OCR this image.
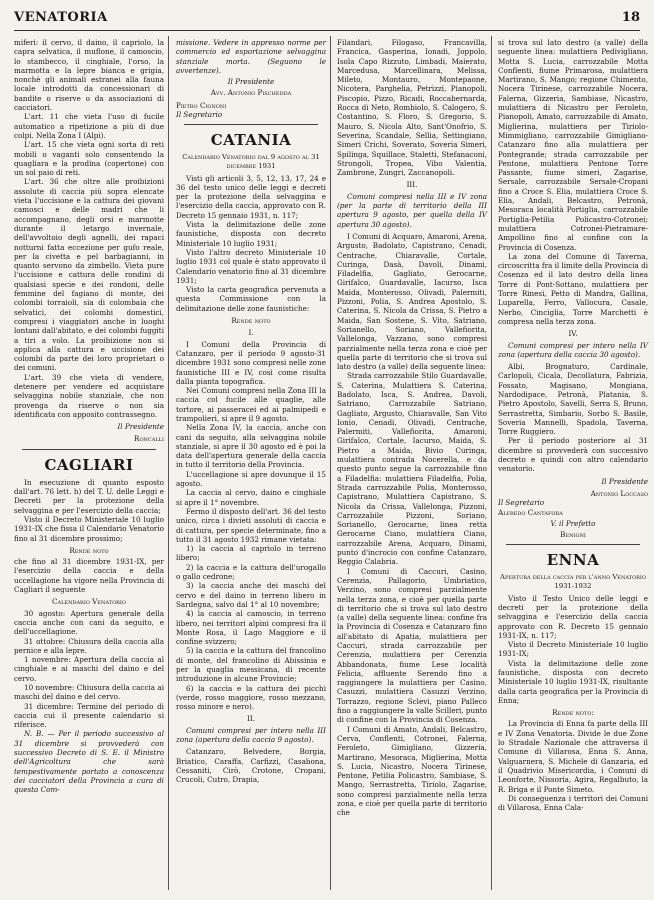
VENATORIA	18

miferi: il cervo, il daino, il capriolo, la capra selvatica, il muflone, il camoscio, lo stambecco, il cinghiale, l'orso, la marmotta e la lepre bianca e grigia, nonchè gli animali estranei alla fauna locale introdotti da concessionari di bandite o riserve o da associazioni di cacciatori.

L'art. 11 che vieta l'uso di fucile automatico a ripetizione a più di due colpi. Nella Zona I (Alpi).

L'art. 15 che vieta ogni sorta di reti mobili o vaganti solo consentendo la quagliara e la prodina (copertone) con un sol paio di reti.

L'art. 36 che oltre alle proibizioni assolute di caccia più sopra elencate vieta l'uccisione e la cattura dei giovani camosci e delle madri che li accompagnano, degli orsi e marmotte durante il letargo invernale, dell'avvoltoio degli agnelli, dei rapaci notturni fatta eccezione per gufo reale, per la civetta e pel barbagianni, in quanto servono da zimbello. Vieta pure l'uccisione e cattura delle rondini di qualsiasi specie e dei rondoni, delle femmine del fagiano di monte, dei colombi torraioli, sia di colombaia che selvatici, dei colombi domestici, compresi i viaggiatori anche in luoghi lontani dall'abitato, e dei colombi fuggiti a tiri a volo. La proibizione non si applica alla cattura e uccisione dei colombi da parte dei loro proprietari o dei comuni.

L'art. 39 che vieta di vendere, detenere per vendere ed acquistare selvaggina nobile stanziale, che non provenga da riserve o non sia identificata con apposito contrassegno.

Il Presidente
Roncalli
CAGLIARI

In esecuzione di quanto esposto dall'art. 76 lett. h) del T. U. delle Leggi e Decreti per la protezione della selvaggina e per l'esercizio della caccia;

Visto il Decreto Ministeriale 10 luglio 1931-IX che fissa il Calendario Venatorio fino al 31 dicembre prossimo;

Rende noto

che fino al 31 dicembre 1931-IX, per l'esercizio della caccia e della uccellagione ha vigore nella Provincia di Cagliari il seguente

Calendario Venatorio

30 agosto: Apertura generale della caccia anche con cani da seguito, e dell'uccellagione.

31 ottobre: Chiusura della caccia alla pernice e alla lepre.

1 novembre: Apertura della caccia al cinghiale e ai maschi del daino e del cervo.

10 novembre: Chiusura della caccia ai maschi del daino e del cervo.

31 dicembre: Termine del periodo di caccia cui il presente calendario si riferisce.

N. B. — Per il periodo successivo al 31 dicembre si provvederà con successivo Decreto di S. E. il Ministro dell'Agricoltura che sarà tempestivamente portato a conoscenza dei cacciatori della Provincia a cura di questa Com-

missione. Vedere in appresso norme per commercio ed esportazione selvaggina stanziale morta. (Seguono le avvertenze).

Il Presidente
Avv. Antonio Pischedda
Pietro Cignoni
Il Segretario
CATANIA
Calendario Venatorio dal 9 agosto al 31 dicembre 1931

Visti gli articoli 3, 5, 12, 13, 17, 24 e 36 del testo unico delle leggi e decreti per la protezione della selvaggina e l'esercizio della caccia, approvato con R. Decreto 15 gennaio 1931, n. 117;

Vista la delimitazione delle zone faunistiche, disposta con decreto Ministeriale 10 luglio 1931;

Visto l'altro decreto Ministeriale 10 luglio 1931 col quale è stato approvato il Calendario venatorio fino al 31 dicembre 1931;

Visto la carta geografica pervenuta a questa Commissione con la delimitazione delle zone faunistiche:

Rende noto

I.

I Comuni della Provincia di Catanzaro, per il periodo 9 agosto-31 dicembre 1931 sono compresi nelle zone faunistiche III e IV, così come risulta dalla pianta topografica.

Nei Comuni compresi nella Zona III la caccia col fucile alle quaglie, alle tortore, ai passeracei ed ai palmipedi e trampolieri, si apre il 9 agosto.

Nella Zona IV, la caccia, anche con cani da seguito, alla selvaggina nobile stanziale, si apre il 30 agosto ed è poi la data dell'apertura generale della caccia in tutto il territorio della Provincia.

L'uccellagione si apre dovunque il 15 agosto.

La caccia al cervo, daino e cinghiale si apre il 1° novembre.

Fermo il disposto dell'art. 36 del testo unico, circa i divieti assoluti di caccia e di cattura, per specie determinate, fino a tutto il 31 agosto 1932 rimane vietata:

1) la caccia al capriolo in terreno libero;

2) la caccia e la cattura dell'urogallo o gallo cedrone;

3) la caccia anche dei maschi del cervo e del daino in terreno libero in Sardegna, salvo dal 1° al 10 novembre;

4) la caccia al camoscio, in terreno libero, nei territori alpini compresi fra il Monte Rosa, il Lago Maggiore e il confine svizzero;

5) la caccia e la cattura del francolino di monte, del francolino di Abissinia e per la quaglia messicana, di recente introduzione in alcune Provincie;

6) la caccia e la cattura dei picchi (verde, rosso maggiore, rosso mezzano, rosso minore e nero).

II.

Comuni compresi per intero nella III zona (apertura della caccia 9 agosto).

Catanzaro, Belvedere, Borgia, Briatico, Caraffa, Carfizzi, Casabona, Cessaniti, Cirò, Crotone, Cropani, Crucoli, Cutro, Drapia,

Filandari, Filogaso, Francavilla, Francica, Gasperina, Ionadi, Joppolo, Isola Capo Rizzuto, Limbadi, Maierato, Marcedusa, Marcellinara, Melissa, Mileto, Montauro, Montepaone, Nicotera, Parghelia, Petrizzi, Pianopoli, Piscopio, Pizzo, Ricadi, Roccabernarda, Rocca di Neto, Rombiolo, S. Calogero, S. Costantino, S. Floro, S. Gregorio, S. Mauro, S. Nicola Alto, Sant'Onofrio, S. Severina, Scandale, Sellia, Settingiano, Simeri Crichi, Soverato, Soveria Simeri, Spilinga, Squillace, Staletti, Stefanaconi, Strongoli, Tropea, Vibo Valentia, Zambrone, Zungri, Zaccanopoli.

III.

Comuni compresi nella III e IV zona (per la parte di territorio della III apertura 9 agosto, per quella della IV apertura 30 agosto).

I Comuni di Acquaro, Amaroni, Arena, Argusto, Badolato, Capistrano, Cenadi, Centrache, Chiaravalle, Cortale, Curinga, Dasà, Davoli, Dinami, Filadelfia, Gagliato, Gerocarne, Girifalco, Guardavalle, Iacurso, Isca Maida, Monterosso, Olivadi, Palermiti, Pizzoni, Polia, S. Andrea Apostolo, S. Caterina, S. Nicola da Crissa, S. Pietro a Maida, San Sostene, S. Vito, Satriano, Sorianello, Soriano, Vallefiorita, Vallelonga, Vazzano, sono compresi parzialmente nella terza zona e cioè per quella parte di territorio che si trova sul lato destro (a valle) della seguente linea:

Strada carrozzabile Stilo Guardavalle, S. Caterina, Mulattiera S. Caterina, Badolato, Isca, S. Andrea, Davoli, Satriano, Carrozzabile Satriano, Gagliato, Argusto, Chiaravalle, San Vito Ionio, Cenadi, Olivadi, Centrache, Palermiti, Vallefiorita, Amaroni, Girifalco, Cortale, Iacurso, Maida, S. Pietro a Maida, Bivio Curinga, mulattiera contrada Nocerella, e da questo punto segue la carrozzabile fino a Filadelfia: mulattiera Filadelfia, Polia, Strada carrozzabile Polia, Monterosso, Capistrano, Mulattiera Capistrano, S. Nicola da Crissa, Vallelonga, Pizzoni, Carrozzabile Pizzoni, Soriano, Sorianello, Gerocarne, linea retta Gerocarne Ciano, mulattiera Ciano, carrozzabile Arena, Acquaro, Dinami, punto d'incrocio con confine Catanzaro, Reggio Calabria.

I Comuni di Caccuri, Casino, Cerenzia, Pallagorio, Umbriatico, Verzino, sono compresi parzialmente nella terza zona, e cioè per quella parte di territorio che si trova sul lato destro (a valle) della seguente linea: confine fra la Provincia di Cosenza e Catanzaro fino all'abitato di Apatia, mulattiera per Caccuri, strada carrozzabile per Cerenzia, mulattiera per Cerenzia Abbandonata, fiume Lese località Felicia, affluente Serendo fino a raggiungere la mulattiera per Casino, Casuzzi, mulattiera Casuzzi Verzino, Torrazzo, regione Sclevi, piano Palleco fino a raggiungere la valle Scilleri, punto di confine con la Provincia di Cosenza.

I Comuni di Amato, Andali, Belcastro, Cerva, Conflenti, Cotronei, Falerna, Feroleto, Gimigliano, Gizzeria, Martirano, Mesoraca, Miglierina, Motta S. Lucia, Nicastro, Nocera Tirinese, Pentone, Petilia Policastro, Sambiase, S. Mango, Serrastretta, Tiriolo, Zagarise, sono compresi parzialmente nella terza zona, e cioè per quella parte di territorio che

si trova sul lato destro (a valle) della seguente linea: mulattiera Pedivigliano, Motta S. Lucia, carrozzabile Motta Conflenti, fiume Primarosa, mulattiera Martirano, S. Mango; regione Chimento, Nocera Tirinese, carrozzabile Nocera, Falerna, Gizzeria, Sambiase, Nicastro, mulattiera di Nicastro per Feroleto, Pianopoli, Amato, carrozzabile di Amato, Miglierina, mulattiera per Tiriolo-Mimmigliano, carrozzabile Gimigliano-Catanzaro fino alla mulattiera per Pontegrande; strada carrozzabile per Pentone, mulattiera Pentone Torre Passante, fiume simeri, Zagarise, Sersale, carrozzabile Sersale-Cropani fino a Croce S. Elia, mulattiera Croce S. Elia, Andali, Belcastro, Petronà, Mesoraca località Portiglia, carrozzabile Portiglia-Petilia Policastro-Cotronei; mulattiera Cotronei-Pietramare-Ampollino fino al confine con la Provincia di Cosenza.

La zona del Comune di Taverna, circoscritta fra il limite della Provincia di Cosenza ed il lato destro della linea Torre di Pont-Sottano, mulattiera per Torre Rinesi, Petto di Mandra, Gallina, Luparella, Ferro, Vallocura, Casale, Nerbo, Cinciglia, Torre Marchetti è compresa nella terza zona.

IV.

Comuni compresi per intero nella IV zona (apertura della caccia 30 agosto).

Albi, Brognaturo, Cardinale, Carlopoli, Cicala, Decollatura, Fabrizia, Fossato, Magisano, Mongiana, Nardodipace, Petronà, Platania, S. Pietro Apostolo, Savelli, Serra S. Bruno, Serrastretta, Simbario, Sorbo S. Basile, Soveria Mannelli, Spadola, Taverna, Torre Ruggiero.

Per il periodo posteriore al 31 dicembre si provvederà con successivo decreto e quindi con altro calendario venatorio.

Il Presidente
Antonio Loccaso
Il Segretario
Alfredo Cantafora
V. il Prefetto
Benigni
ENNA
Apertura della caccia per l'anno Venatorio 1931-1932

Visto il Testo Unico delle leggi e decreti per la protezione della selvaggina e l'esercizio della caccia approvato con R. Decreto 15 gennaio 1931-IX, n. 117;

Visto il Decreto Ministeriale 10 luglio 1931-IX;

Vista la delimitazione delle zone faunistiche, disposta con decreto Ministeriale 10 luglio 1931-IX, risultante dalla carta geografica per la Provincia di Enna;

Rende noto:

La Provincia di Enna fa parte della III e IV Zona Venatoria. Divide le due Zone lo Stradale Nazionale che attraversa il Comune di Villarosa, Enna S. Anna, Valguarnera, S. Michele di Ganzaria, ed il Quadrivio Misericordia, i Comuni di Leonforte, Nissoria, Agira, Regalbuto, la R. Briga e il Ponte Simeto.

Di conseguenza i territori dei Comuni di Villarosa, Enna Cala-
